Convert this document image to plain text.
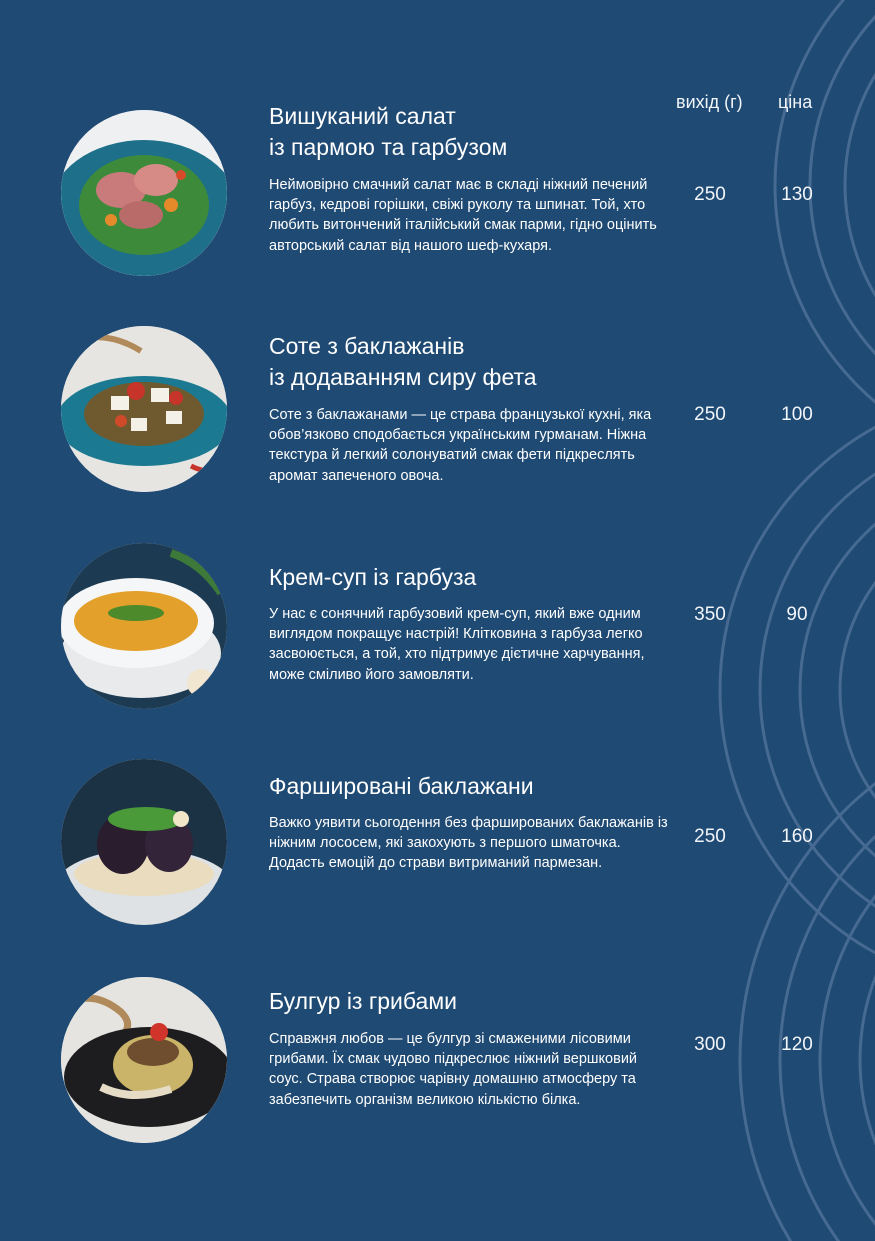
вихід (г) ціна
Вишуканий салат
із пармою та гарбузом

Неймовірно смачний салат має в складі ніжний печений гарбуз, кедрові горішки, свіжі руколу та шпинат. Той, хто любить витончений італійський смак парми, гідно оцінить авторський салат від нашого шеф-кухаря.

250	130
Соте з баклажанів
із додаванням сиру фета

Соте з баклажанами — це страва французької кухні, яка обов’язково сподобається українським гурманам. Ніжна текстура й легкий солонуватий смак фети підкреслять аромат запеченого овоча.

250	100
Крем-суп із гарбуза

У нас є сонячний гарбузовий крем-суп, який вже одним виглядом покращує настрій! Клітковина з гарбуза легко засвоюється, а той, хто підтримує дієтичне харчування, може сміливо його замовляти.

350	90
Фаршировані баклажани

Важко уявити сьогодення без фаршированих баклажанів із ніжним лососем, які закохують з першого шматочка. Додасть емоцій до страви витриманий пармезан.

250	160
Булгур із грибами

Справжня любов — це булгур зі смаженими лісовими грибами. Їх смак чудово підкреслює ніжний вершковий соус. Страва створює чарівну домашню атмосферу та забезпечить організм великою кількістю білка.

300	120
